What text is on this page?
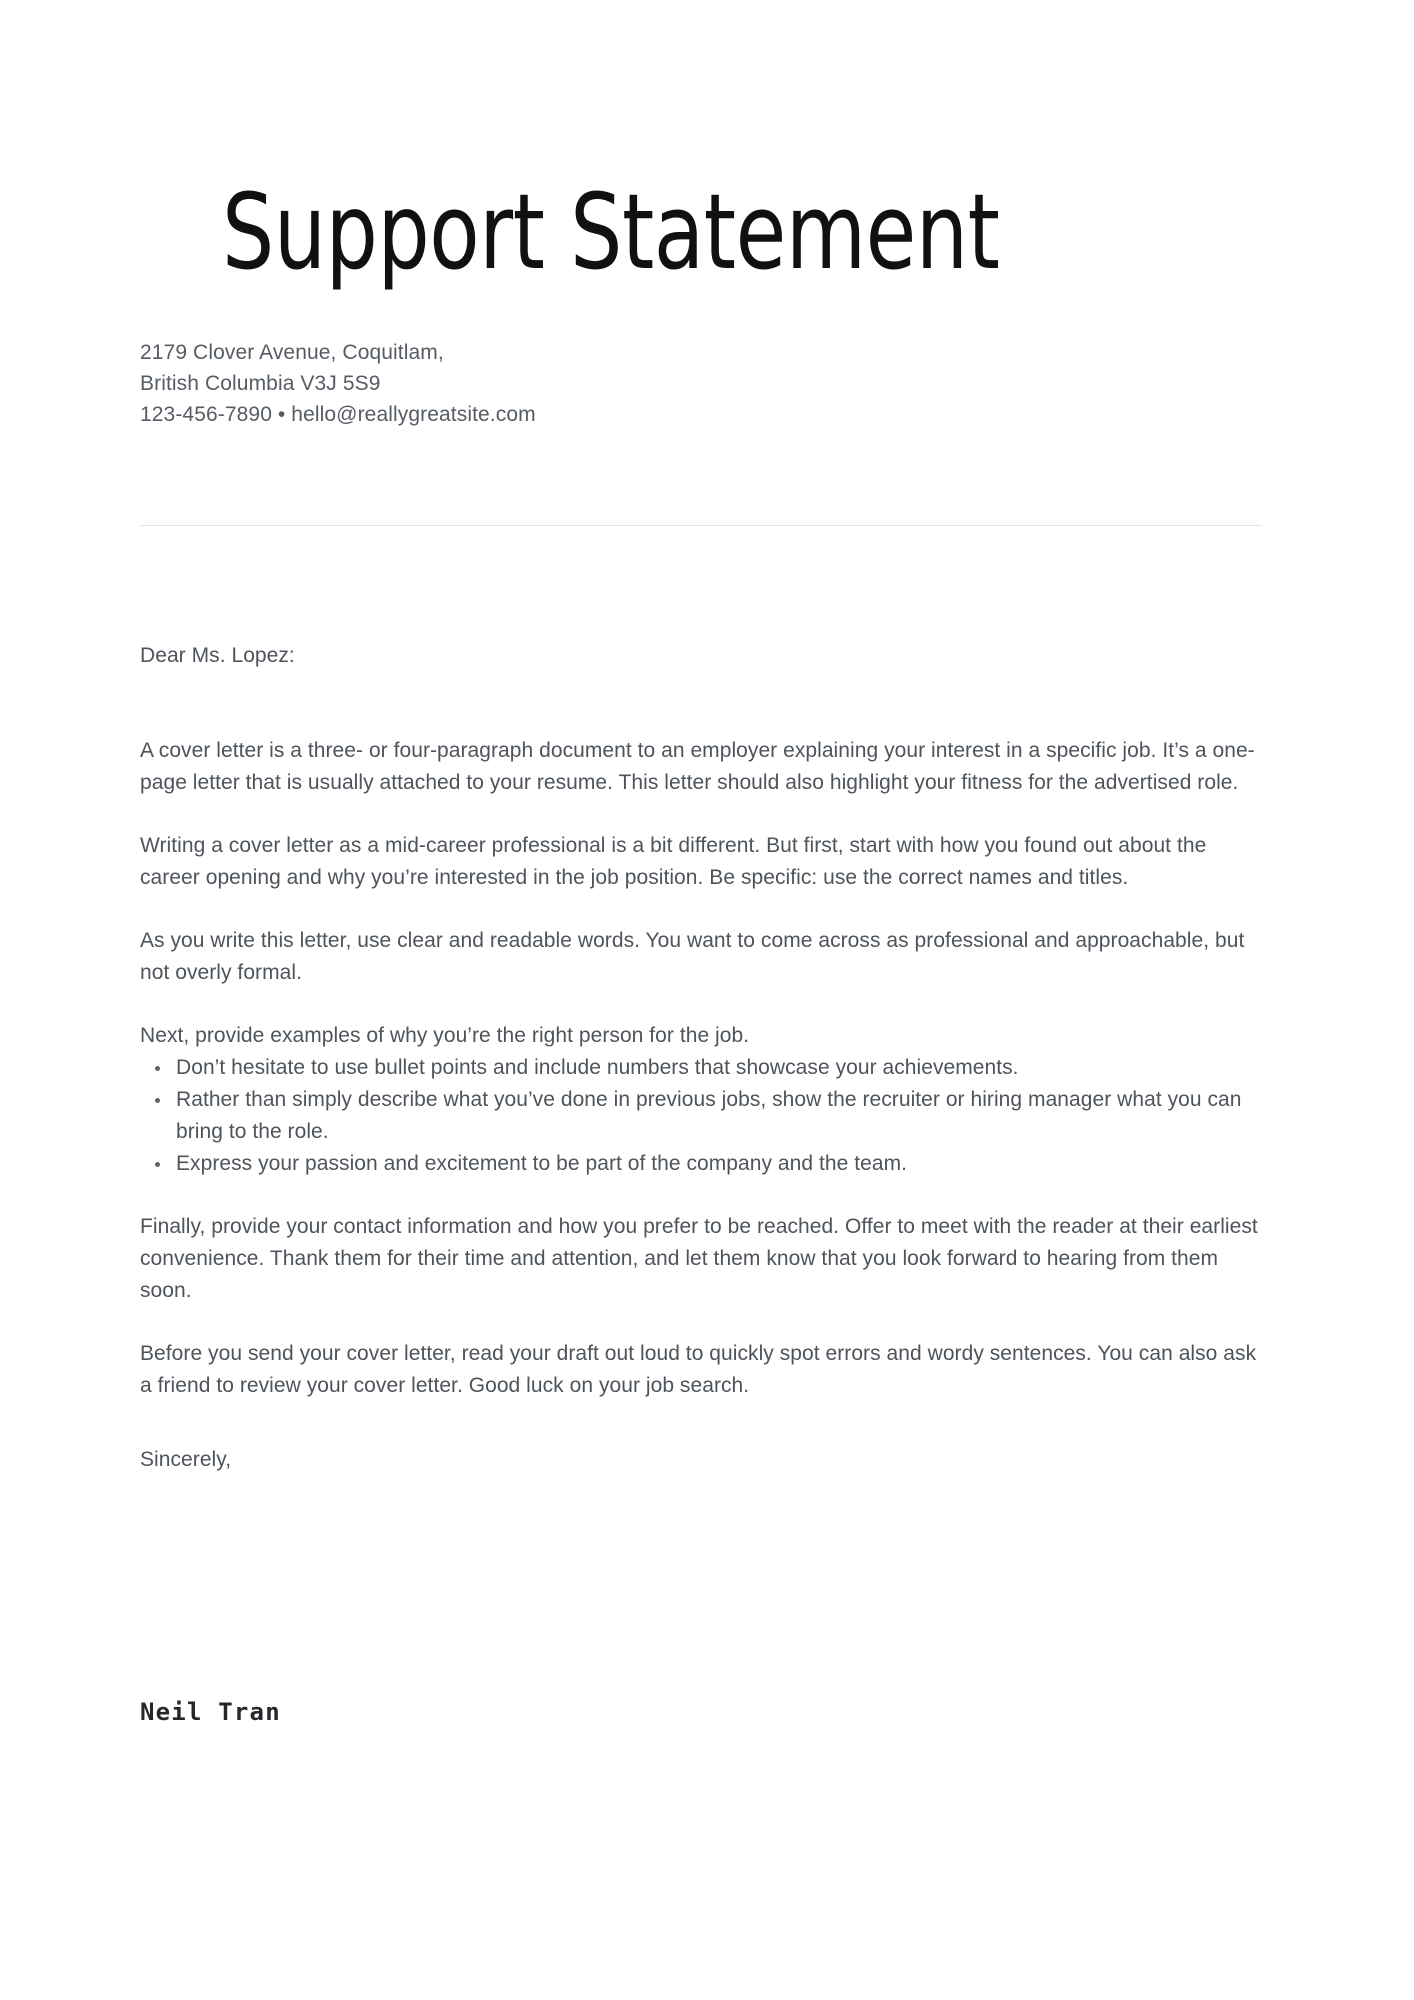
Support Statement
2179 Clover Avenue, Coquitlam,
British Columbia V3J 5S9
123-456-7890 • hello@reallygreatsite.com

Dear Ms. Lopez:

A cover letter is a three- or four-paragraph document to an employer explaining your interest in a specific job. It’s a one-page letter that is usually attached to your resume. This letter should also highlight your fitness for the advertised role.

Writing a cover letter as a mid-career professional is a bit different. But first, start with how you found out about the career opening and why you’re interested in the job position. Be specific: use the correct names and titles.

As you write this letter, use clear and readable words. You want to come across as professional and approachable, but not overly formal.

Next, provide examples of why you’re the right person for the job.

Don’t hesitate to use bullet points and include numbers that showcase your achievements.
Rather than simply describe what you’ve done in previous jobs, show the recruiter or hiring manager what you can bring to the role.
Express your passion and excitement to be part of the company and the team.

Finally, provide your contact information and how you prefer to be reached. Offer to meet with the reader at their earliest convenience. Thank them for their time and attention, and let them know that you look forward to hearing from them soon.

Before you send your cover letter, read your draft out loud to quickly spot errors and wordy sentences. You can also ask a friend to review your cover letter. Good luck on your job search.

Sincerely,

Neil Tran
